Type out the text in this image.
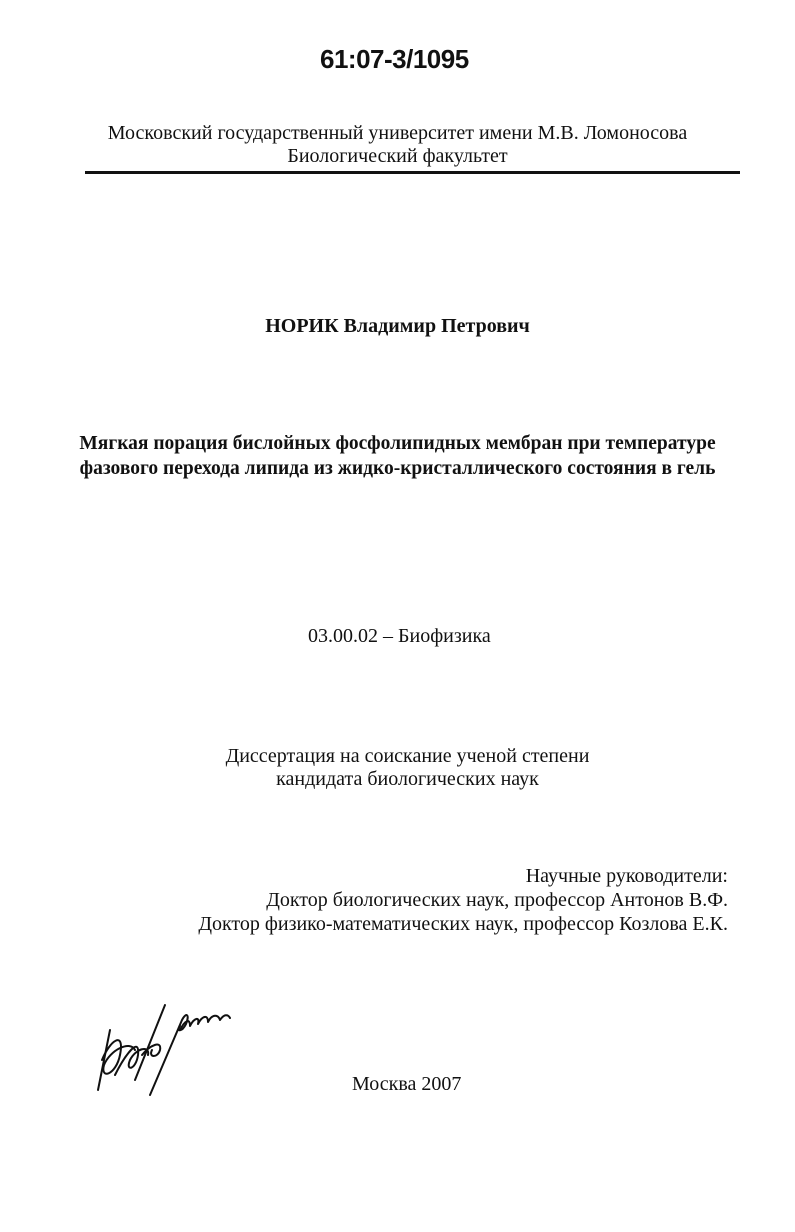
61:07-3/1095
Московский государственный университет имени М.В. Ломоносова
Биологический факультет
НОРИК Владимир Петрович
Мягкая порация бислойных фосфолипидных мембран при температуре
фазового перехода липида из жидко-кристаллического состояния в гель
03.00.02 – Биофизика
Диссертация на соискание ученой степени
кандидата биологических наук
Научные руководители:
Доктор биологических наук, профессор Антонов В.Ф.
Доктор физико-математических наук, профессор Козлова Е.К.
Москва 2007
